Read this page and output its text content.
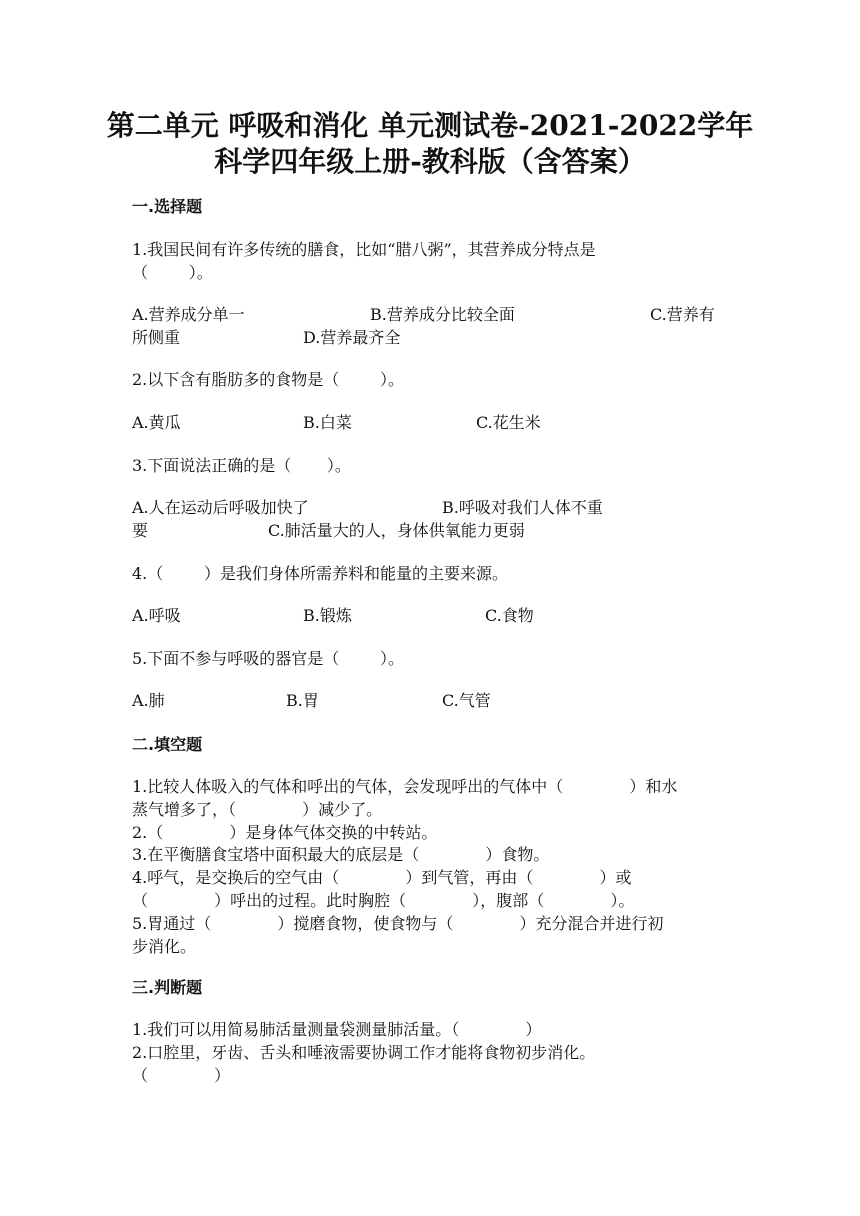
第二单元 呼吸和消化 单元测试卷-2021-2022学年
科学四年级上册-教科版（含答案）
一.选择题
1.我国民间有许多传统的膳食，比如“腊八粥”，其营养成分特点是
（        ）。
A.营养成分单一	B.营养成分比较全面	C.营养有
所侧重	D.营养最齐全
2.以下含有脂肪多的食物是（        ）。
A.黄瓜	B.白菜	C.花生米
3.下面说法正确的是（       ）。
A.人在运动后呼吸加快了	B.呼吸对我们人体不重
要	C.肺活量大的人，身体供氧能力更弱
4.（        ）是我们身体所需养料和能量的主要来源。
A.呼吸	B.锻炼	C.食物
5.下面不参与呼吸的器官是（        ）。
A.肺	B.胃	C.气管
二.填空题
1.比较人体吸入的气体和呼出的气体，会发现呼出的气体中（             ）和水
蒸气增多了，（             ）减少了。
2.（             ）是身体气体交换的中转站。
3.在平衡膳食宝塔中面积最大的底层是（             ）食物。
4.呼气，是交换后的空气由（             ）到气管，再由（             ）或
（             ）呼出的过程。此时胸腔（             ），腹部（             ）。
5.胃通过（             ）搅磨食物，使食物与（             ）充分混合并进行初
步消化。
三.判断题
1.我们可以用简易肺活量测量袋测量肺活量。（             ）
2.口腔里，牙齿、舌头和唾液需要协调工作才能将食物初步消化。
（             ）
